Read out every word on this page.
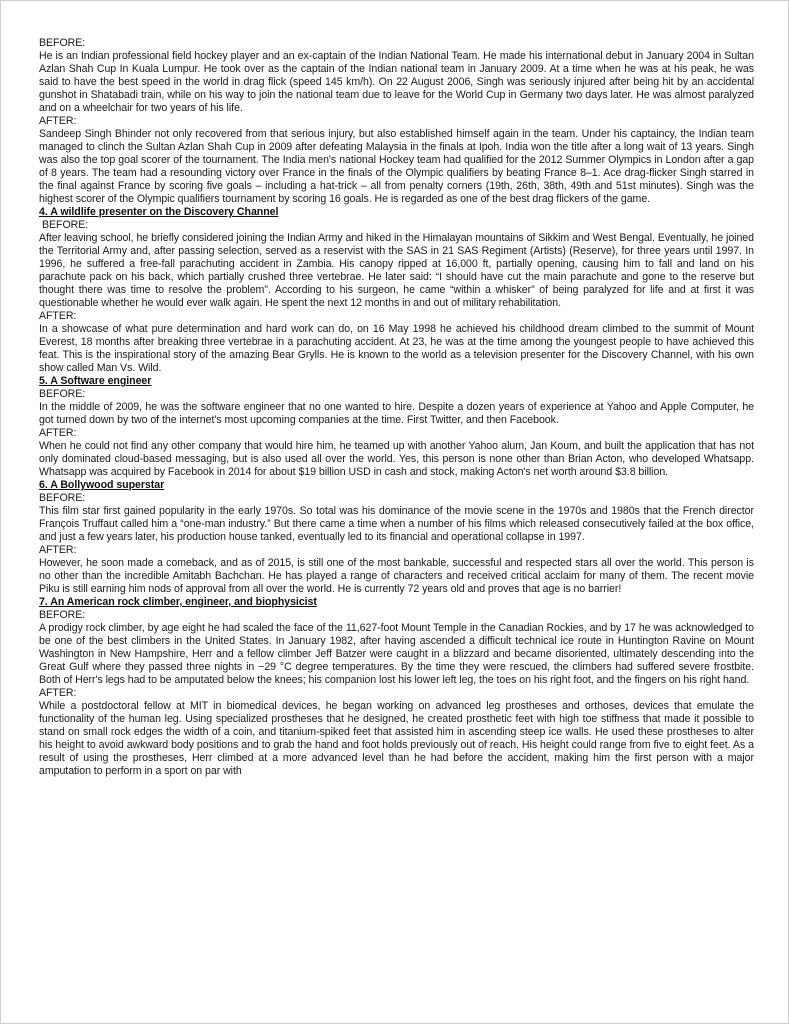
BEFORE:

He is an Indian professional field hockey player and an ex-captain of the Indian National Team. He made his international debut in January 2004 in Sultan Azlan Shah Cup In Kuala Lumpur. He took over as the captain of the Indian national team in January 2009. At a time when he was at his peak, he was said to have the best speed in the world in drag flick (speed 145 km/h). On 22 August 2006, Singh was seriously injured after being hit by an accidental gunshot in Shatabadi train, while on his way to join the national team due to leave for the World Cup in Germany two days later. He was almost paralyzed and on a wheelchair for two years of his life.

AFTER:

Sandeep Singh Bhinder not only recovered from that serious injury, but also established himself again in the team. Under his captaincy, the Indian team managed to clinch the Sultan Azlan Shah Cup in 2009 after defeating Malaysia in the finals at Ipoh. India won the title after a long wait of 13 years. Singh was also the top goal scorer of the tournament. The India men's national Hockey team had qualified for the 2012 Summer Olympics in London after a gap of 8 years. The team had a resounding victory over France in the finals of the Olympic qualifiers by beating France 8–1. Ace drag-flicker Singh starred in the final against France by scoring five goals – including a hat-trick – all from penalty corners (19th, 26th, 38th, 49th and 51st minutes). Singh was the highest scorer of the Olympic qualifiers tournament by scoring 16 goals. He is regarded as one of the best drag flickers of the game.

4. A wildlife presenter on the Discovery Channel

BEFORE:

After leaving school, he briefly considered joining the Indian Army and hiked in the Himalayan mountains of Sikkim and West Bengal. Eventually, he joined the Territorial Army and, after passing selection, served as a reservist with the SAS in 21 SAS Regiment (Artists) (Reserve), for three years until 1997. In 1996, he suffered a free-fall parachuting accident in Zambia. His canopy ripped at 16,000 ft, partially opening, causing him to fall and land on his parachute pack on his back, which partially crushed three vertebrae. He later said: “I should have cut the main parachute and gone to the reserve but thought there was time to resolve the problem”. According to his surgeon, he came “within a whisker” of being paralyzed for life and at first it was questionable whether he would ever walk again. He spent the next 12 months in and out of military rehabilitation.

AFTER:

In a showcase of what pure determination and hard work can do, on 16 May 1998 he achieved his childhood dream climbed to the summit of Mount Everest, 18 months after breaking three vertebrae in a parachuting accident. At 23, he was at the time among the youngest people to have achieved this feat. This is the inspirational story of the amazing Bear Grylls. He is known to the world as a television presenter for the Discovery Channel, with his own show called Man Vs. Wild.

5. A Software engineer

BEFORE:

In the middle of 2009, he was the software engineer that no one wanted to hire. Despite a dozen years of experience at Yahoo and Apple Computer, he got turned down by two of the internet's most upcoming companies at the time. First Twitter, and then Facebook.

AFTER:

When he could not find any other company that would hire him, he teamed up with another Yahoo alum, Jan Koum, and built the application that has not only dominated cloud-based messaging, but is also used all over the world. Yes, this person is none other than Brian Acton, who developed Whatsapp. Whatsapp was acquired by Facebook in 2014 for about $19 billion USD in cash and stock, making Acton's net worth around $3.8 billion.

6. A Bollywood superstar

BEFORE:

This film star first gained popularity in the early 1970s. So total was his dominance of the movie scene in the 1970s and 1980s that the French director François Truffaut called him a “one-man industry.” But there came a time when a number of his films which released consecutively failed at the box office, and just a few years later, his production house tanked, eventually led to its financial and operational collapse in 1997.

AFTER:

However, he soon made a comeback, and as of 2015, is still one of the most bankable, successful and respected stars all over the world. This person is no other than the incredible Amitabh Bachchan. He has played a range of characters and received critical acclaim for many of them. The recent movie Piku is still earning him nods of approval from all over the world. He is currently 72 years old and proves that age is no barrier!

7. An American rock climber, engineer, and biophysicist

BEFORE:

A prodigy rock climber, by age eight he had scaled the face of the 11,627-foot Mount Temple in the Canadian Rockies, and by 17 he was acknowledged to be one of the best climbers in the United States. In January 1982, after having ascended a difficult technical ice route in Huntington Ravine on Mount Washington in New Hampshire, Herr and a fellow climber Jeff Batzer were caught in a blizzard and became disoriented, ultimately descending into the Great Gulf where they passed three nights in −29 °C degree temperatures. By the time they were rescued, the climbers had suffered severe frostbite. Both of Herr's legs had to be amputated below the knees; his companion lost his lower left leg, the toes on his right foot, and the fingers on his right hand.

AFTER:

While a postdoctoral fellow at MIT in biomedical devices, he began working on advanced leg prostheses and orthoses, devices that emulate the functionality of the human leg. Using specialized prostheses that he designed, he created prosthetic feet with high toe stiffness that made it possible to stand on small rock edges the width of a coin, and titanium-spiked feet that assisted him in ascending steep ice walls. He used these prostheses to alter his height to avoid awkward body positions and to grab the hand and foot holds previously out of reach. His height could range from five to eight feet. As a result of using the prostheses, Herr climbed at a more advanced level than he had before the accident, making him the first person with a major amputation to perform in a sport on par with
